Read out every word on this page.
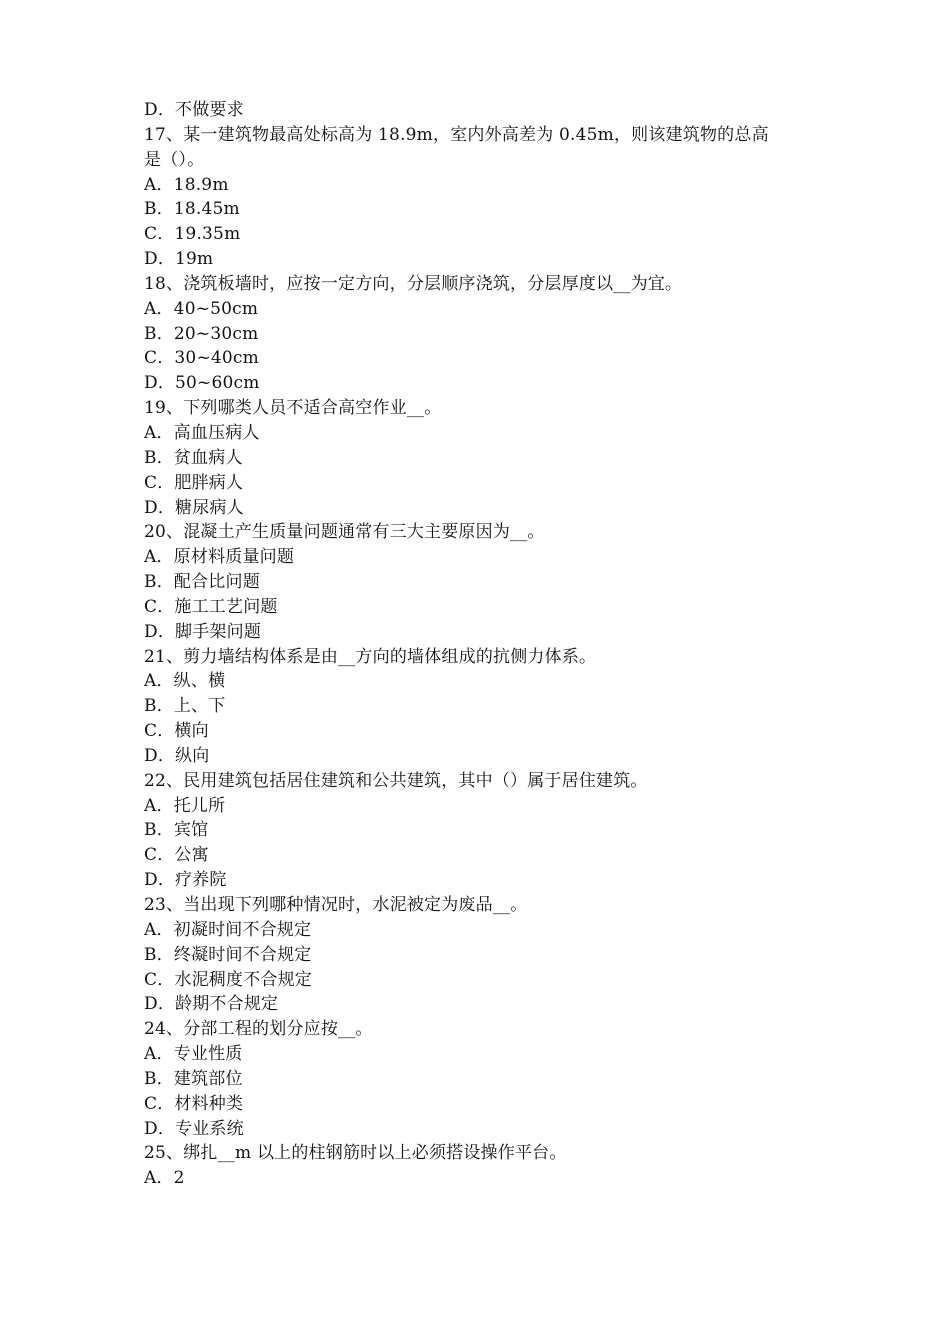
D．不做要求
17、某一建筑物最高处标高为 18.9m，室内外高差为 0.45m，则该建筑物的总高
是（）。
A．18.9m
B．18.45m
C．19.35m
D．19m
18、浇筑板墙时，应按一定方向，分层顺序浇筑，分层厚度以__为宜。
A．40~50cm
B．20~30cm
C．30~40cm
D．50~60cm
19、下列哪类人员不适合高空作业__。
A．高血压病人
B．贫血病人
C．肥胖病人
D．糖尿病人
20、混凝土产生质量问题通常有三大主要原因为__。
A．原材料质量问题
B．配合比问题
C．施工工艺问题
D．脚手架问题
21、剪力墙结构体系是由__方向的墙体组成的抗侧力体系。
A．纵、横
B．上、下
C．横向
D．纵向
22、民用建筑包括居住建筑和公共建筑，其中（）属于居住建筑。
A．托儿所
B．宾馆
C．公寓
D．疗养院
23、当出现下列哪种情况时，水泥被定为废品__。
A．初凝时间不合规定
B．终凝时间不合规定
C．水泥稠度不合规定
D．龄期不合规定
24、分部工程的划分应按__。
A．专业性质
B．建筑部位
C．材料种类
D．专业系统
25、绑扎__m 以上的柱钢筋时以上必须搭设操作平台。
A．2
